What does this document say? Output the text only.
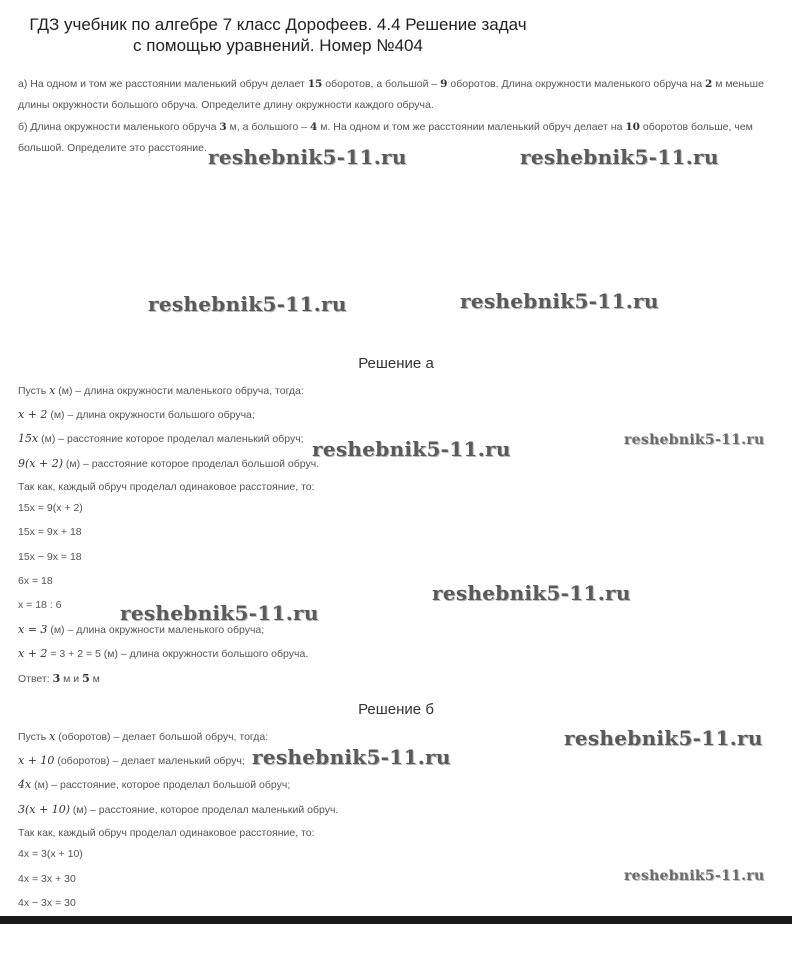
ГДЗ учебник по алгебре 7 класс Дорофеев. 4.4 Решение задач
с помощью уравнений. Номер №404

а) На одном и том же расстоянии маленький обруч делает 15 оборотов, а большой – 9 оборотов. Длина окружности маленького обруча на 2 м меньше длины окружности большого обруча. Определите длину окружности каждого обруча.

б) Длина окружности маленького обруча 3 м, а большого – 4 м. На одном и том же расстоянии маленький обруч делает на 10 оборотов больше, чем большой. Определите это расстояние.

Решение а
Пусть x (м) – длина окружности маленького обруча, тогда:
x + 2 (м) – длина окружности большого обруча;
15x (м) – расстояние которое проделал маленький обруч;
9(x + 2) (м) – расстояние которое проделал большой обруч.
Так как, каждый обруч проделал одинаковое расстояние, то:
15x = 9(x + 2)
15x = 9x + 18
15x − 9x = 18
6x = 18
x = 18 : 6
x = 3 (м) – длина окружности маленького обруча;
x + 2 = 3 + 2 = 5 (м) – длина окружности большого обруча.
Ответ: 3 м и 5 м
Решение б
Пусть x (оборотов) – делает большой обруч, тогда:
x + 10 (оборотов) – делает маленький обруч;
4x (м) – расстояние, которое проделал большой обруч;
3(x + 10) (м) – расстояние, которое проделал маленький обруч.
Так как, каждый обруч проделал одинаковое расстояние, то:
4x = 3(x + 10)
4x = 3x + 30
4x − 3x = 30
reshebnik5-11.ru	reshebnik5-11.ru
reshebnik5-11.ru	reshebnik5-11.ru
reshebnik5-11.ru	reshebnik5-11.ru
reshebnik5-11.ru
reshebnik5-11.ru
reshebnik5-11.ru
reshebnik5-11.ru
reshebnik5-11.ru
